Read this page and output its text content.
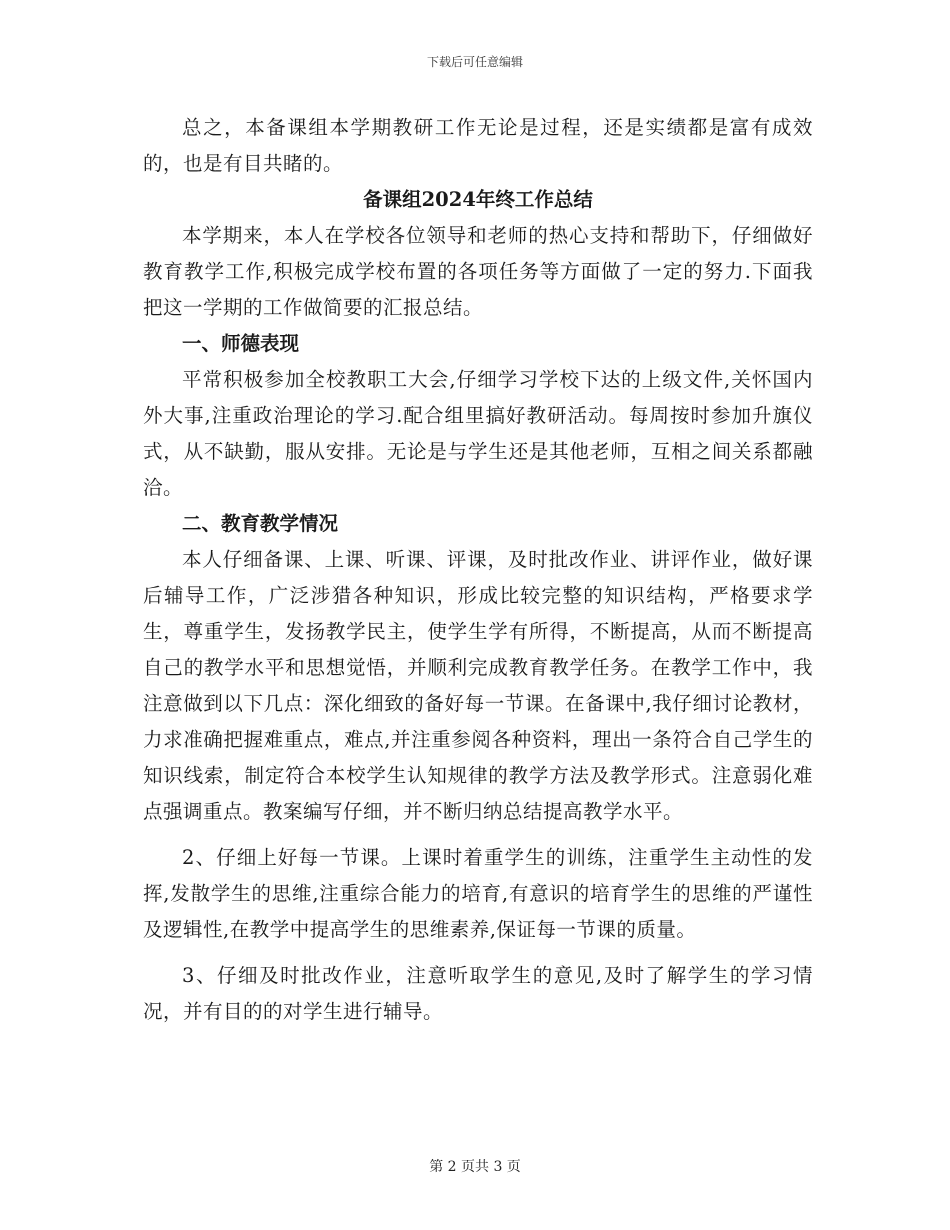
下载后可任意编辑

总之，本备课组本学期教研工作无论是过程，还是实绩都是富有成效的，也是有目共睹的。

备课组2024年终工作总结

本学期来，本人在学校各位领导和老师的热心支持和帮助下，仔细做好教育教学工作,积极完成学校布置的各项任务等方面做了一定的努力.下面我把这一学期的工作做简要的汇报总结。

一、师德表现

平常积极参加全校教职工大会,仔细学习学校下达的上级文件,关怀国内外大事,注重政治理论的学习.配合组里搞好教研活动。每周按时参加升旗仪式，从不缺勤，服从安排。无论是与学生还是其他老师，互相之间关系都融洽。

二、教育教学情况

本人仔细备课、上课、听课、评课，及时批改作业、讲评作业，做好课后辅导工作，广泛涉猎各种知识，形成比较完整的知识结构，严格要求学生，尊重学生，发扬教学民主，使学生学有所得，不断提高，从而不断提高自己的教学水平和思想觉悟，并顺利完成教育教学任务。在教学工作中，我注意做到以下几点：深化细致的备好每一节课。在备课中,我仔细讨论教材，力求准确把握难重点，难点,并注重参阅各种资料，理出一条符合自己学生的知识线索，制定符合本校学生认知规律的教学方法及教学形式。注意弱化难点强调重点。教案编写仔细，并不断归纳总结提高教学水平。

2、仔细上好每一节课。上课时着重学生的训练，注重学生主动性的发挥,发散学生的思维,注重综合能力的培育,有意识的培育学生的思维的严谨性及逻辑性,在教学中提高学生的思维素养,保证每一节课的质量。

3、仔细及时批改作业，注意听取学生的意见,及时了解学生的学习情况，并有目的的对学生进行辅导。

第 2 页共 3 页
